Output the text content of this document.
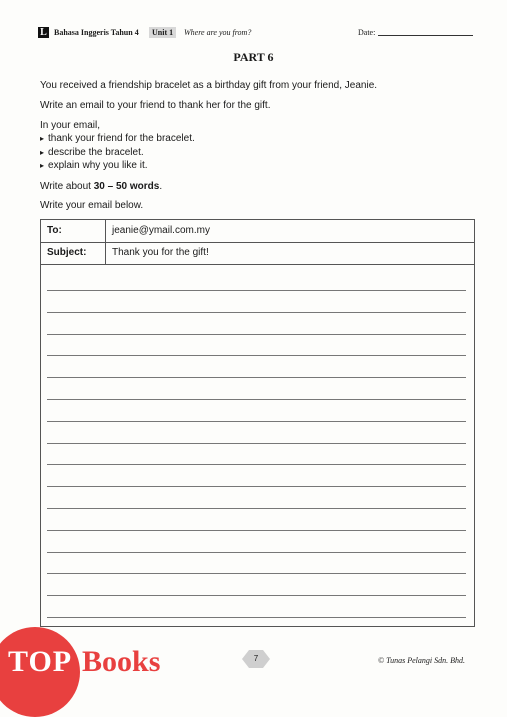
L Bahasa Inggeris Tahun 4	Unit 1	Where are you from?	Date:
PART 6
You received a friendship bracelet as a birthday gift from your friend, Jeanie.
Write an email to your friend to thank her for the gift.
In your email,
▸ thank your friend for the bracelet.
▸ describe the bracelet.
▸ explain why you like it.
Write about 30 – 50 words.
Write your email below.
To:	jeanie@ymail.com.my
Subject:	Thank you for the gift!
TOP Books	7	© Tunas Pelangi Sdn. Bhd.
